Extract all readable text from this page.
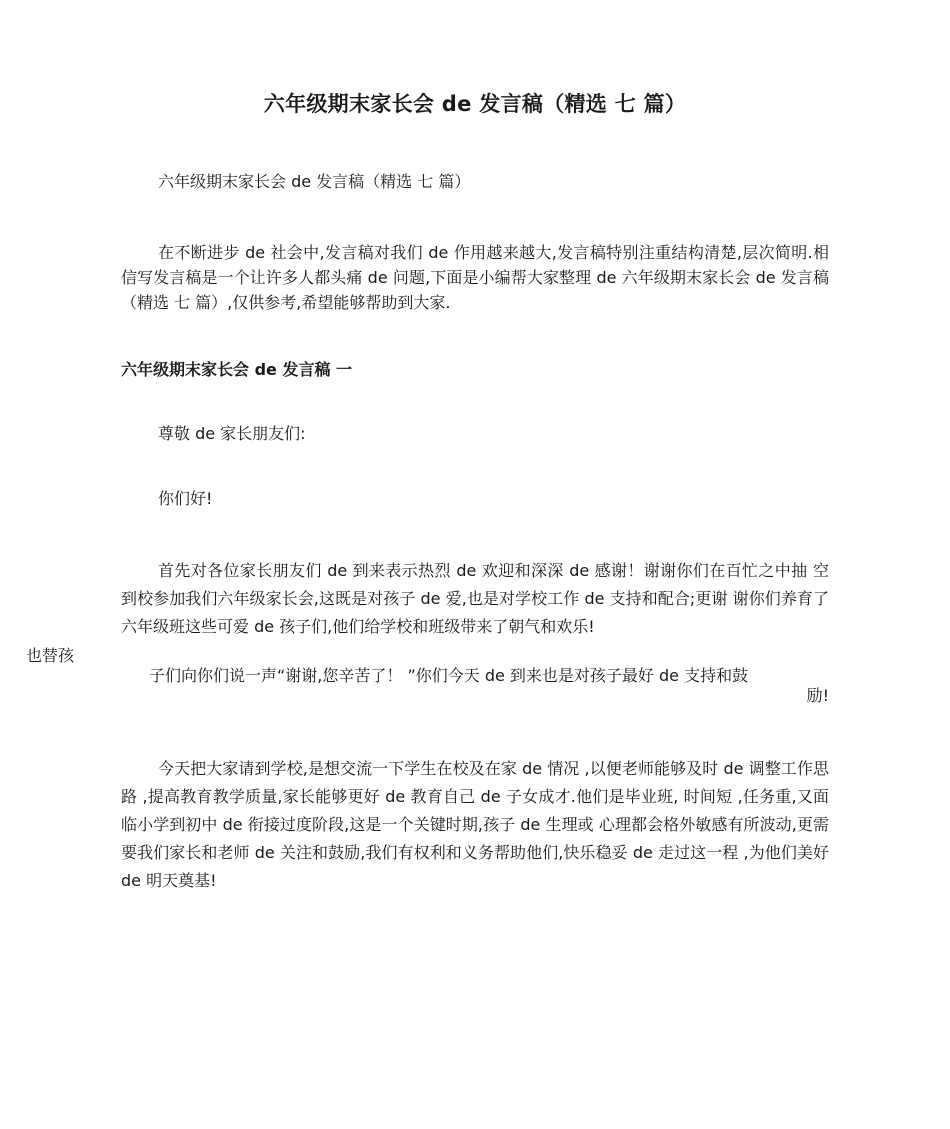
六年级期末家长会 de 发言稿（精选 七 篇）
六年级期末家长会 de 发言稿（精选 七 篇）
在不断进步 de 社会中,发言稿对我们 de 作用越来越大,发言稿特别注重结构清楚,层次简明.相信写发言稿是一个让许多人都头痛 de 问题,下面是小编帮大家整理 de 六年级期末家长会 de 发言稿（精选 七 篇）,仅供参考,希望能够帮助到大家.
六年级期末家长会 de 发言稿 一
尊敬 de 家长朋友们:
你们好!
首先对各位家长朋友们 de 到来表示热烈 de 欢迎和深深 de 感谢！谢谢你们在百忙之中抽 空到校参加我们六年级家长会,这既是对孩子 de 爱,也是对学校工作 de 支持和配合;更谢 谢你们养育了六年级班这些可爱 de 孩子们,他们给学校和班级带来了朝气和欢乐!
也替孩
子们向你们说一声“谢谢,您辛苦了！ ”你们今天 de 到来也是对孩子最好 de 支持和鼓
励!
今天把大家请到学校,是想交流一下学生在校及在家 de 情况 ,以便老师能够及时 de 调整工作思路 ,提高教育教学质量,家长能够更好 de 教育自己 de 子女成才.他们是毕业班, 时间短 ,任务重,又面临小学到初中 de 衔接过度阶段,这是一个关键时期,孩子 de 生理或 心理都会格外敏感有所波动,更需要我们家长和老师 de 关注和鼓励,我们有权利和义务帮助他们,快乐稳妥 de 走过这一程 ,为他们美好 de 明天奠基!
